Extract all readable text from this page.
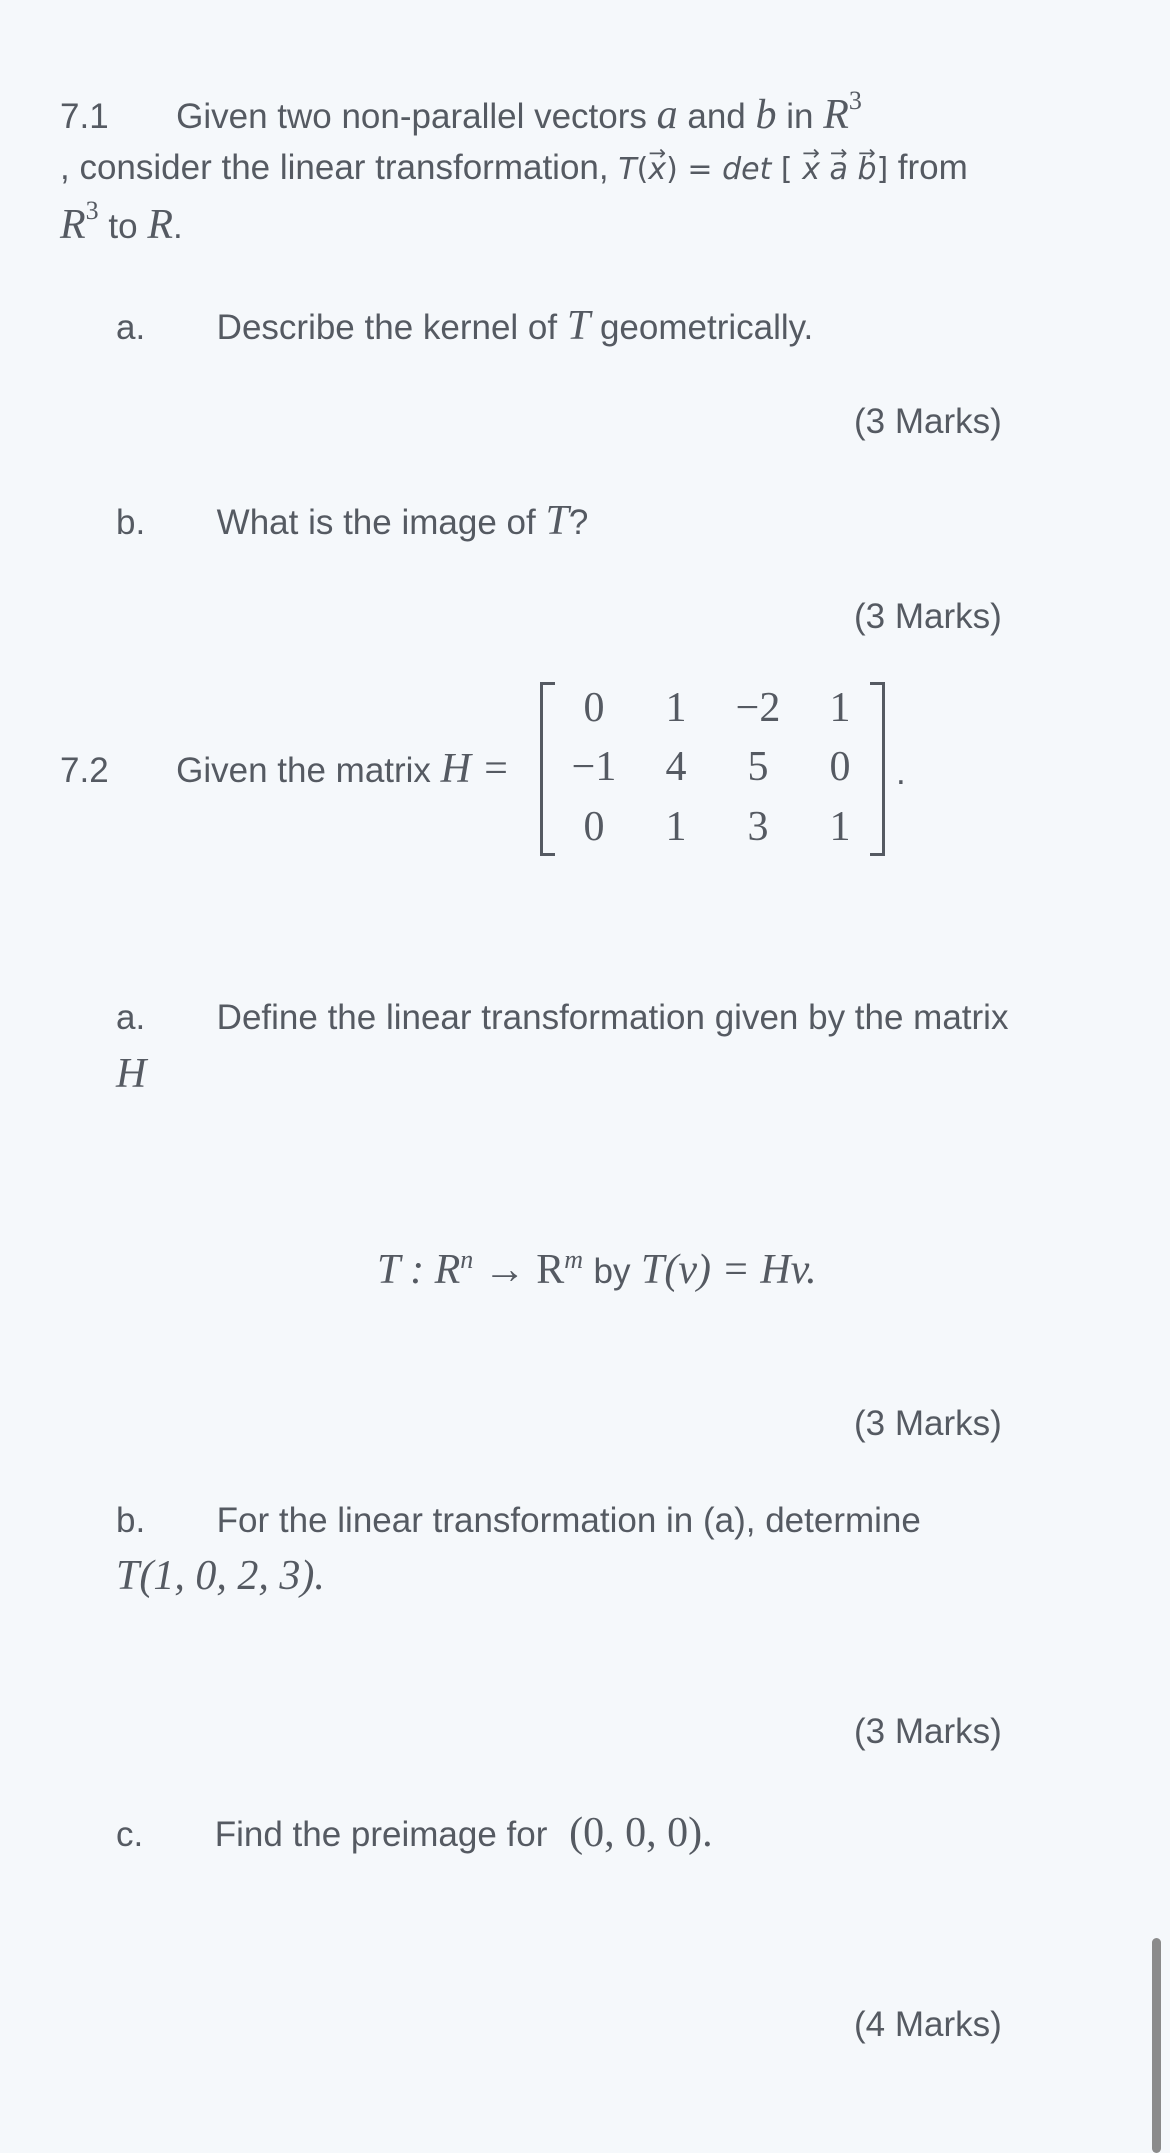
7.1 Given two non-parallel vectors a and b in $R^3$
, consider the linear transformation, T(→ x) = det [ → x → a → b] from
$R^3$ to R.
a. Describe the kernel of T geometrically.
(3 Marks)
b. What is the image of T?
(3 Marks)
7.2 Given the matrix H =
0	1	−2	1
−1	4	5	0
0	1	3	1
.
a. Define the linear transformation given by the matrix
H
T : $R^n \to R^m$ by T(v) = Hv.
(3 Marks)
b. For the linear transformation in (a), determine
T(1, 0, 2, 3).
(3 Marks)
c. Find the preimage for (0, 0, 0).
(4 Marks)
